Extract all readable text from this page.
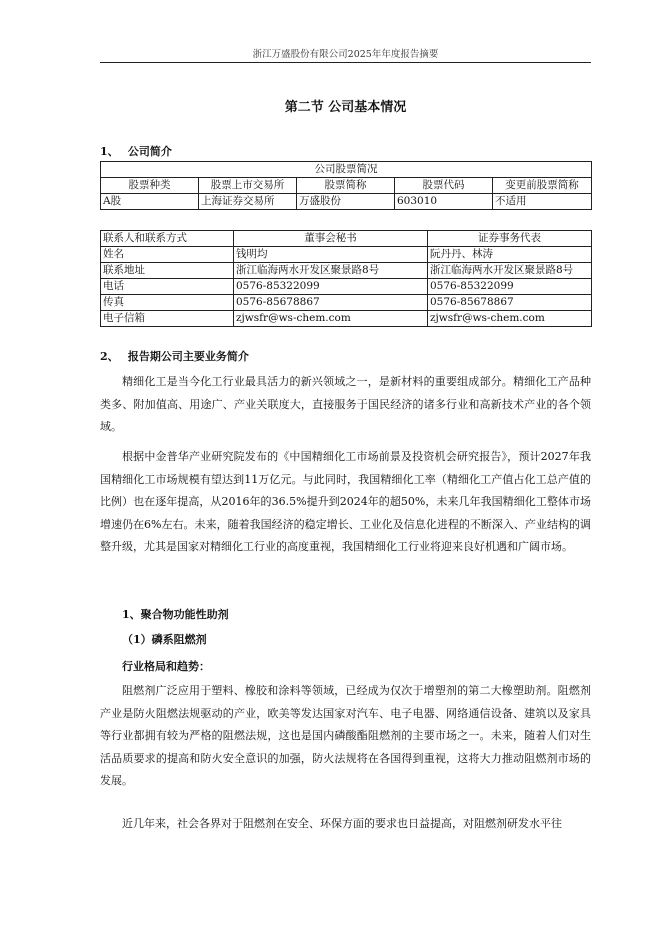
浙江万盛股份有限公司2025年年度报告摘要
第二节 公司基本情况
1、 公司简介
公司股票简况				
股票种类	股票上市交易所	股票简称	股票代码	变更前股票简称
A股	上海证券交易所	万盛股份	603010	不适用
联系人和联系方式	董事会秘书	证券事务代表
姓名	钱明均	阮丹丹、林涛
联系地址	浙江临海两水开发区聚景路8号	浙江临海两水开发区聚景路8号
电话	0576-85322099	0576-85322099
传真	0576-85678867	0576-85678867
电子信箱	zjwsfr@ws-chem.com	zjwsfr@ws-chem.com
2、 报告期公司主要业务简介
精细化工是当今化工行业最具活力的新兴领域之一，是新材料的重要组成部分。精细化工产品种类多、附加值高、用途广、产业关联度大，直接服务于国民经济的诸多行业和高新技术产业的各个领域。
根据中金普华产业研究院发布的《中国精细化工市场前景及投资机会研究报告》，预计2027年我国精细化工市场规模有望达到11万亿元。与此同时，我国精细化工率（精细化工产值占化工总产值的比例）也在逐年提高，从2016年的36.5%提升到2024年的超50%，未来几年我国精细化工整体市场增速仍在6%左右。未来，随着我国经济的稳定增长、工业化及信息化进程的不断深入、产业结构的调整升级，尤其是国家对精细化工行业的高度重视，我国精细化工行业将迎来良好机遇和广阔市场。
1、聚合物功能性助剂
（1）磷系阻燃剂
行业格局和趋势：
阻燃剂广泛应用于塑料、橡胶和涂料等领域，已经成为仅次于增塑剂的第二大橡塑助剂。阻燃剂产业是防火阻燃法规驱动的产业，欧美等发达国家对汽车、电子电器、网络通信设备、建筑以及家具等行业都拥有较为严格的阻燃法规，这也是国内磷酸酯阻燃剂的主要市场之一。未来，随着人们对生活品质要求的提高和防火安全意识的加强，防火法规将在各国得到重视，这将大力推动阻燃剂市场的发展。
近几年来，社会各界对于阻燃剂在安全、环保方面的要求也日益提高，对阻燃剂研发水平往
